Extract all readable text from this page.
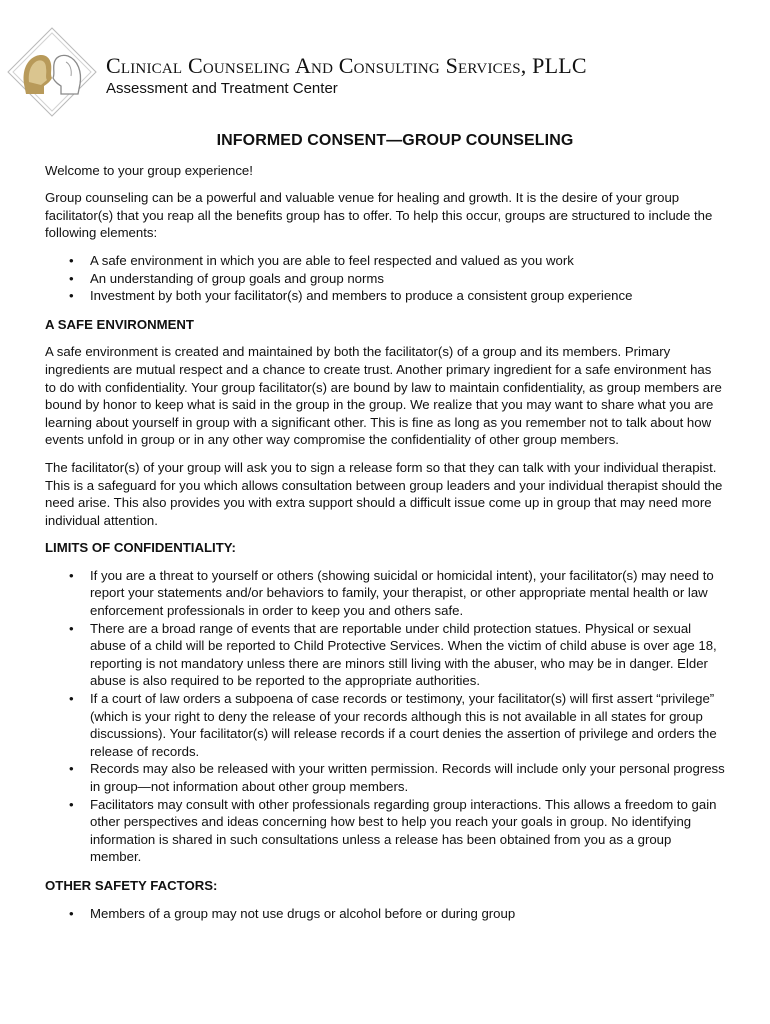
Clinical Counseling And Consulting Services, PLLC
Assessment and Treatment Center
INFORMED CONSENT—GROUP COUNSELING

Welcome to your group experience!

Group counseling can be a powerful and valuable venue for healing and growth. It is the desire of your group facilitator(s) that you reap all the benefits group has to offer. To help this occur, groups are structured to include the following elements:

• A safe environment in which you are able to feel respected and valued as you work
• An understanding of group goals and group norms
• Investment by both your facilitator(s) and members to produce a consistent group experience
A SAFE ENVIRONMENT

A safe environment is created and maintained by both the facilitator(s) of a group and its members. Primary ingredients are mutual respect and a chance to create trust. Another primary ingredient for a safe environment has to do with confidentiality. Your group facilitator(s) are bound by law to maintain confidentiality, as group members are bound by honor to keep what is said in the group in the group. We realize that you may want to share what you are learning about yourself in group with a significant other. This is fine as long as you remember not to talk about how events unfold in group or in any other way compromise the confidentiality of other group members.

The facilitator(s) of your group will ask you to sign a release form so that they can talk with your individual therapist. This is a safeguard for you which allows consultation between group leaders and your individual therapist should the need arise. This also provides you with extra support should a difficult issue come up in group that may need more individual attention.

LIMITS OF CONFIDENTIALITY:
• If you are a threat to yourself or others (showing suicidal or homicidal intent), your facilitator(s) may need to report your statements and/or behaviors to family, your therapist, or other appropriate mental health or law enforcement professionals in order to keep you and others safe.
• There are a broad range of events that are reportable under child protection statues. Physical or sexual abuse of a child will be reported to Child Protective Services. When the victim of child abuse is over age 18, reporting is not mandatory unless there are minors still living with the abuser, who may be in danger. Elder abuse is also required to be reported to the appropriate authorities.
• If a court of law orders a subpoena of case records or testimony, your facilitator(s) will first assert “privilege” (which is your right to deny the release of your records although this is not available in all states for group discussions). Your facilitator(s) will release records if a court denies the assertion of privilege and orders the release of records.
• Records may also be released with your written permission. Records will include only your personal progress in group—not information about other group members.
• Facilitators may consult with other professionals regarding group interactions. This allows a freedom to gain other perspectives and ideas concerning how best to help you reach your goals in group. No identifying information is shared in such consultations unless a release has been obtained from you as a group member.
OTHER SAFETY FACTORS:
• Members of a group may not use drugs or alcohol before or during group
